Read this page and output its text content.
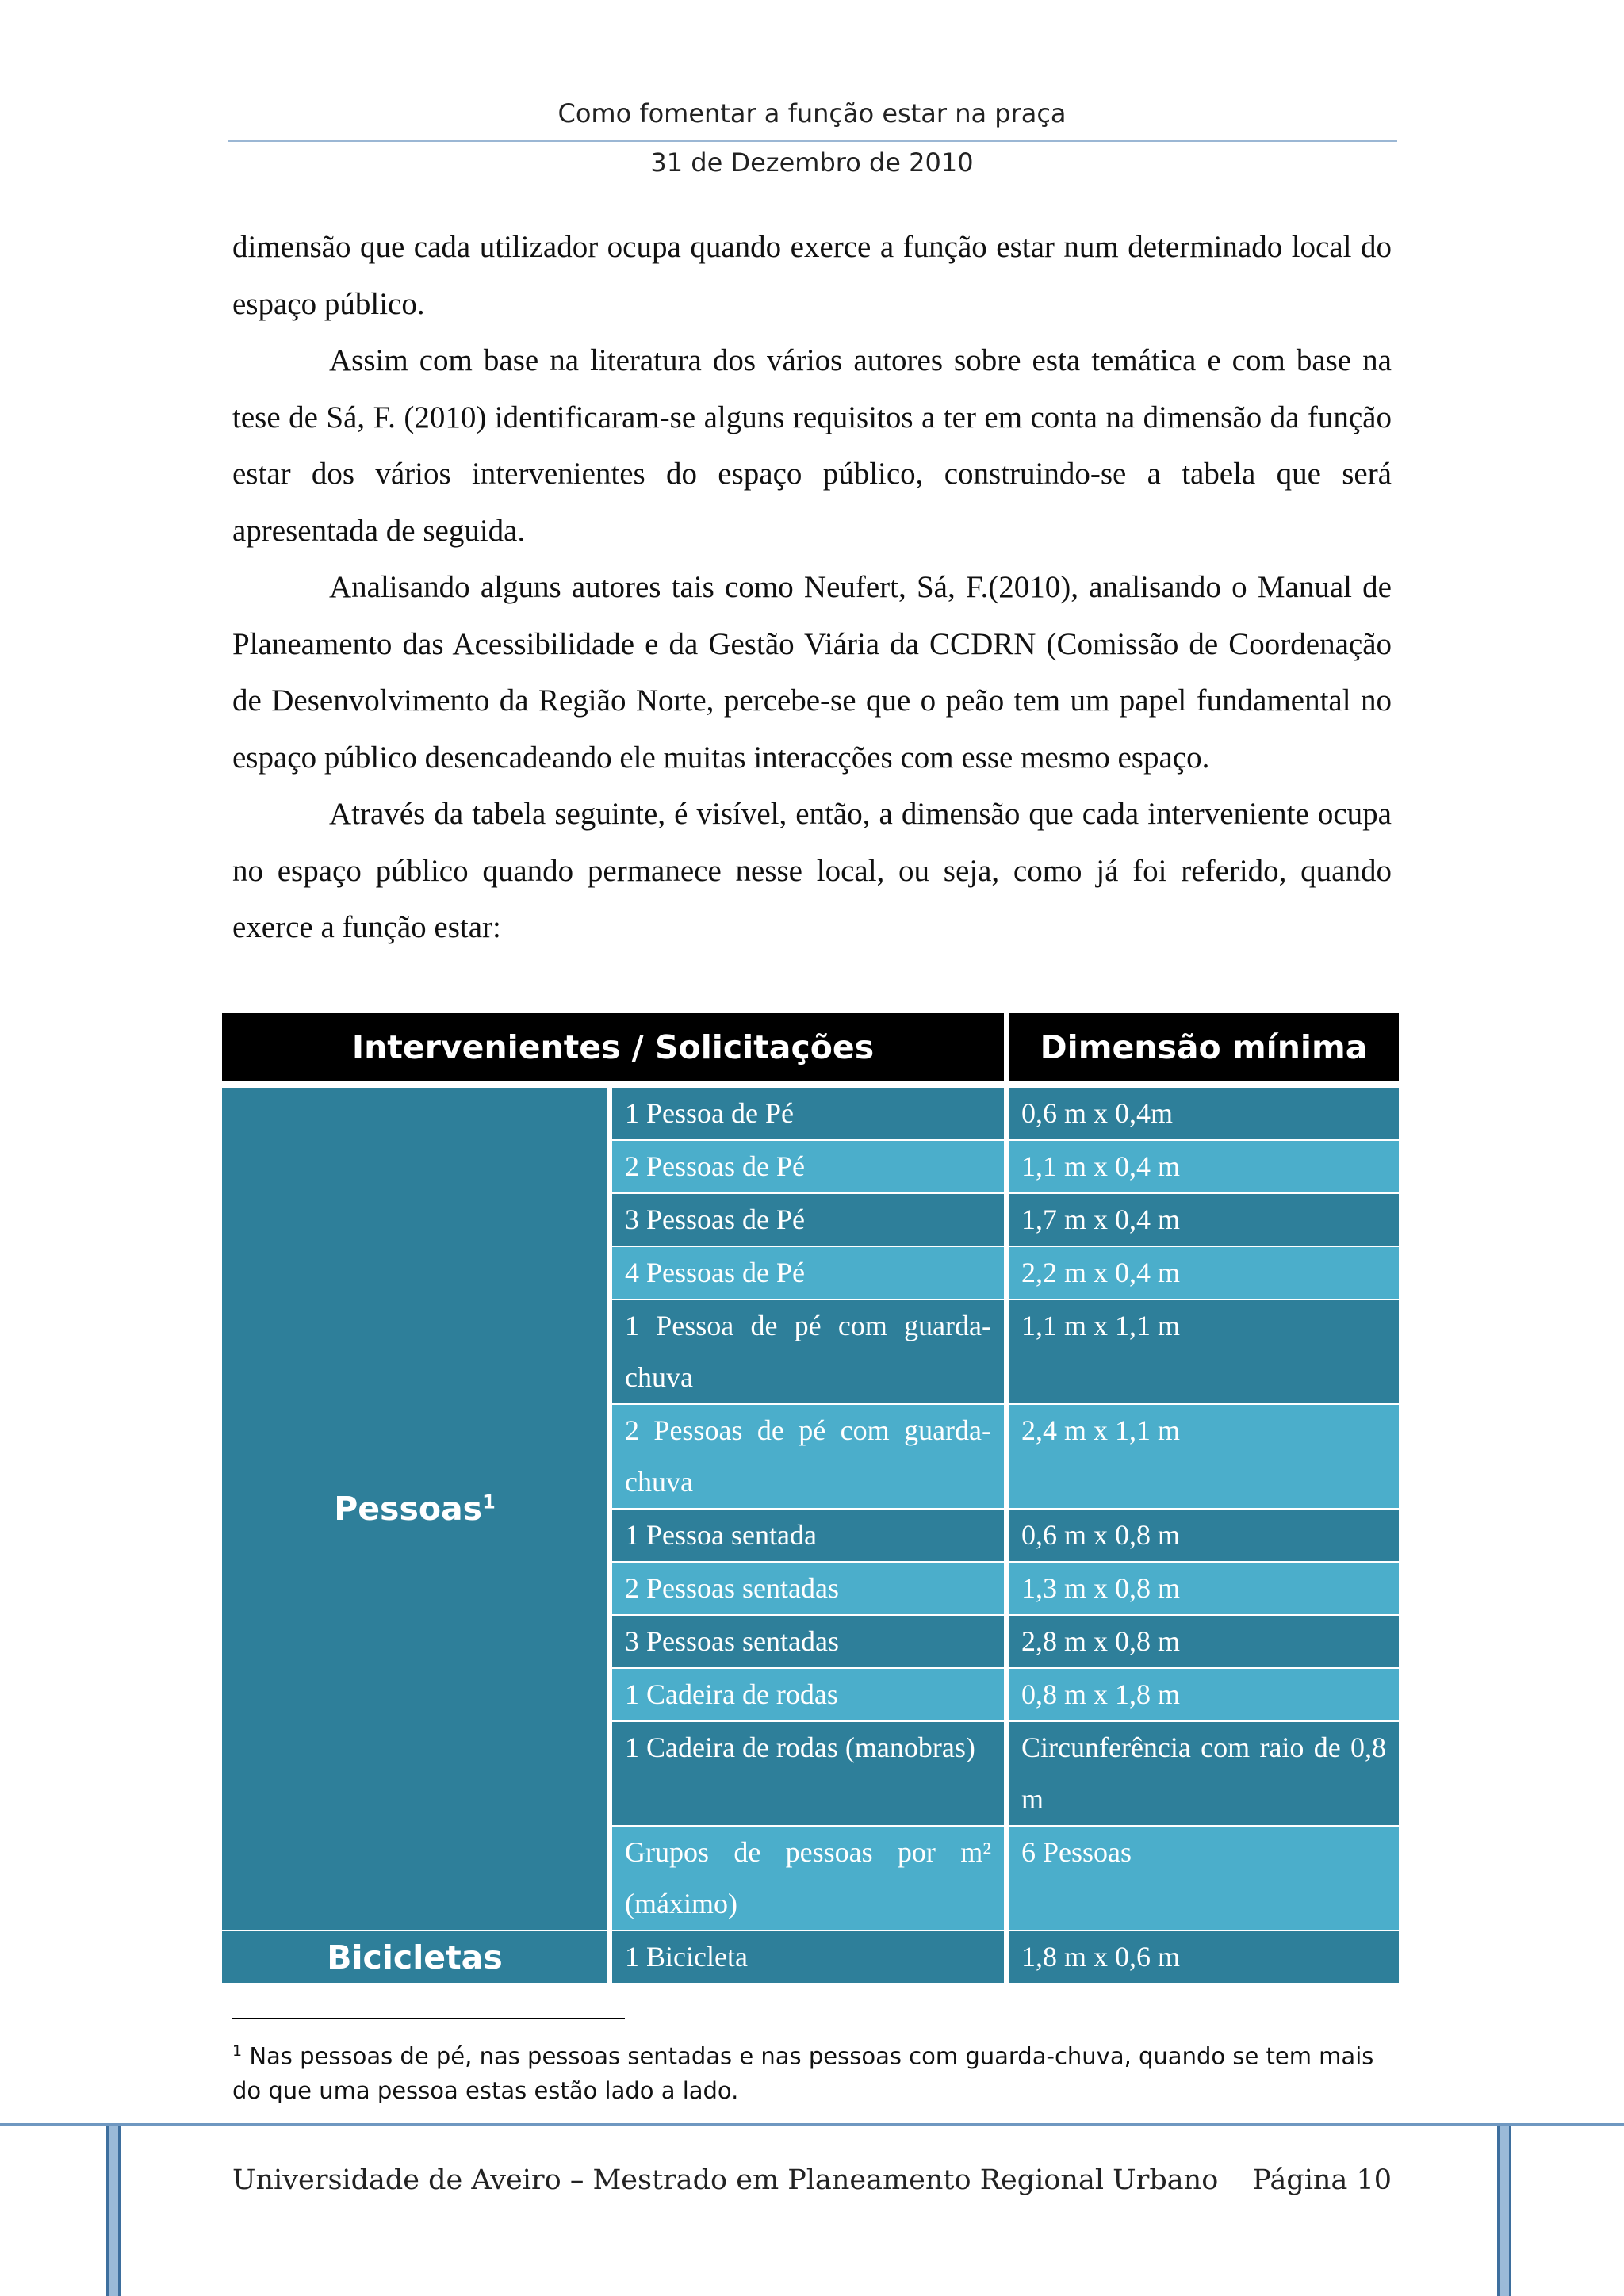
Como fomentar a função estar na praça
31 de Dezembro de 2010

dimensão que cada utilizador ocupa quando exerce a função estar num determinado local do espaço público.

Assim com base na literatura dos vários autores sobre esta temática e com base na tese de Sá, F. (2010) identificaram-se alguns requisitos a ter em conta na dimensão da função estar dos vários intervenientes do espaço público, construindo-se a tabela que será apresentada de seguida.

Analisando alguns autores tais como Neufert, Sá, F.(2010), analisando o Manual de Planeamento das Acessibilidade e da Gestão Viária da CCDRN (Comissão de Coordenação de Desenvolvimento da Região Norte, percebe-se que o peão tem um papel fundamental no espaço público desencadeando ele muitas interacções com esse mesmo espaço.

Através da tabela seguinte, é visível, então, a dimensão que cada interveniente ocupa no espaço público quando permanece nesse local, ou seja, como já foi referido, quando exerce a função estar:

Intervenientes / Solicitações		Dimensão mínima

Pessoas$^1$	1 Pessoa de Pé	0,6 m x 0,4m
	2 Pessoas de Pé	1,1 m x 0,4 m
	3 Pessoas de Pé	1,7 m x 0,4 m
	4 Pessoas de Pé	2,2 m x 0,4 m
	1 Pessoa de pé com guarda-chuva	1,1 m x 1,1 m
	2 Pessoas de pé com guarda-chuva	2,4 m x 1,1 m
	1 Pessoa sentada	0,6 m x 0,8 m
	2 Pessoas sentadas	1,3 m x 0,8 m
	3 Pessoas sentadas	2,8 m x 0,8 m
	1 Cadeira de rodas	0,8 m x 1,8 m
	1 Cadeira de rodas (manobras)	Circunferência com raio de 0,8 m
	Grupos de pessoas por m² (máximo)	6 Pessoas
Bicicletas	1 Bicicleta	1,8 m x 0,6 m
$^1$ Nas pessoas de pé, nas pessoas sentadas e nas pessoas com guarda-chuva, quando se tem mais do que uma pessoa estas estão lado a lado.
Universidade de Aveiro – Mestrado em Planeamento Regional Urbano Página 10
